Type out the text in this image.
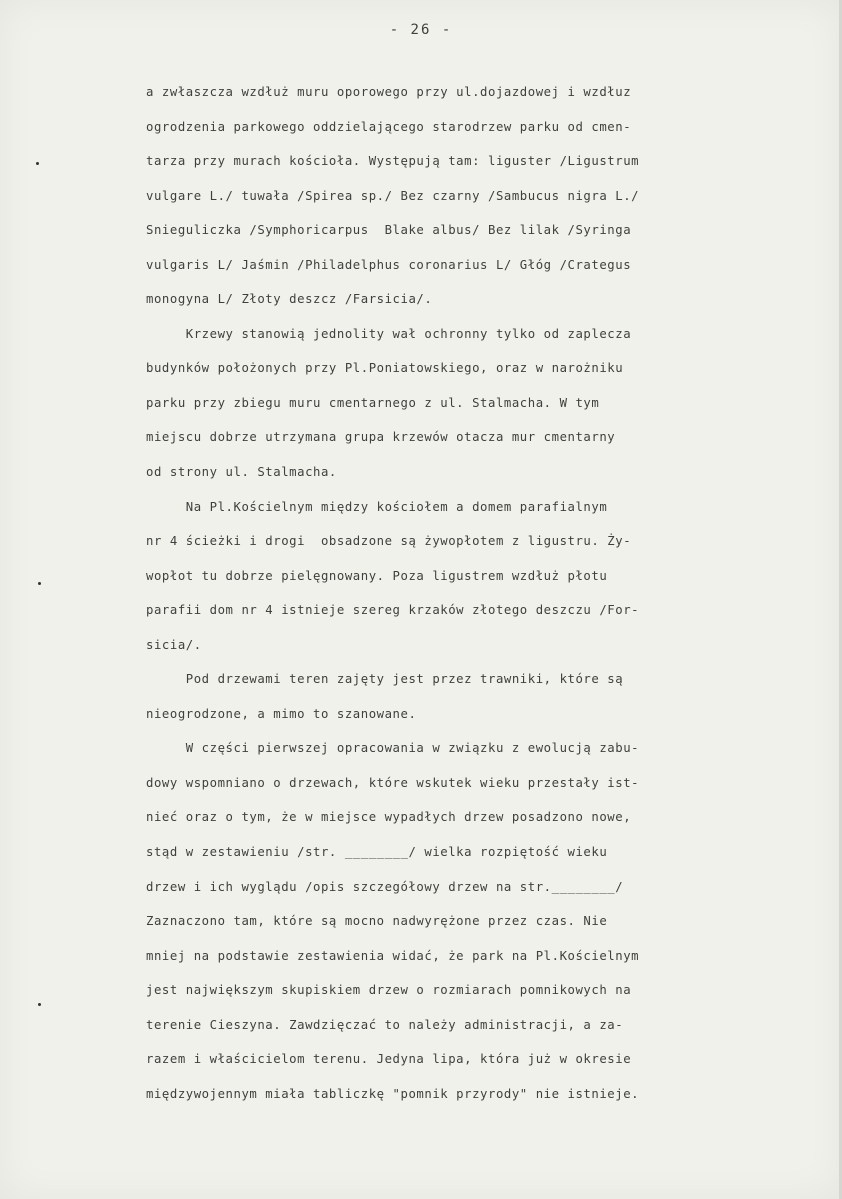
- 26 -
a zwłaszcza wzdłuż muru oporowego przy ul.dojazdowej i wzdłuz
ogrodzenia parkowego oddzielającego starodrzew parku od cmen-
tarza przy murach kościoła. Występują tam: liguster /Ligustrum
vulgare L./ tuwała /Spirea sp./ Bez czarny /Sambucus nigra L./
Snieguliczka /Symphoricarpus  Blake albus/ Bez lilak /Syringa
vulgaris L/ Jaśmin /Philadelphus coronarius L/ Głóg /Crategus
monogyna L/ Złoty deszcz /Farsicia/.
Krzewy stanowią jednolity wał ochronny tylko od zaplecza
budynków położonych przy Pl.Poniatowskiego, oraz w narożniku
parku przy zbiegu muru cmentarnego z ul. Stalmacha. W tym
miejscu dobrze utrzymana grupa krzewów otacza mur cmentarny
od strony ul. Stalmacha.
Na Pl.Kościelnym między kościołem a domem parafialnym
nr 4 ścieżki i drogi  obsadzone są żywopłotem z ligustru. Ży-
wopłot tu dobrze pielęgnowany. Poza ligustrem wzdłuż płotu
parafii dom nr 4 istnieje szereg krzaków złotego deszczu /For-
sicia/.
Pod drzewami teren zajęty jest przez trawniki, które są
nieogrodzone, a mimo to szanowane.
W części pierwszej opracowania w związku z ewolucją zabu-
dowy wspomniano o drzewach, które wskutek wieku przestały ist-
nieć oraz o tym, że w miejsce wypadłych drzew posadzono nowe,
stąd w zestawieniu /str. ________/ wielka rozpiętość wieku
drzew i ich wyglądu /opis szczegółowy drzew na str.________/
Zaznaczono tam, które są mocno nadwyrężone przez czas. Nie
mniej na podstawie zestawienia widać, że park na Pl.Kościelnym
jest największym skupiskiem drzew o rozmiarach pomnikowych na
terenie Cieszyna. Zawdzięczać to należy administracji, a za-
razem i właścicielom terenu. Jedyna lipa, która już w okresie
międzywojennym miała tabliczkę "pomnik przyrody" nie istnieje.
